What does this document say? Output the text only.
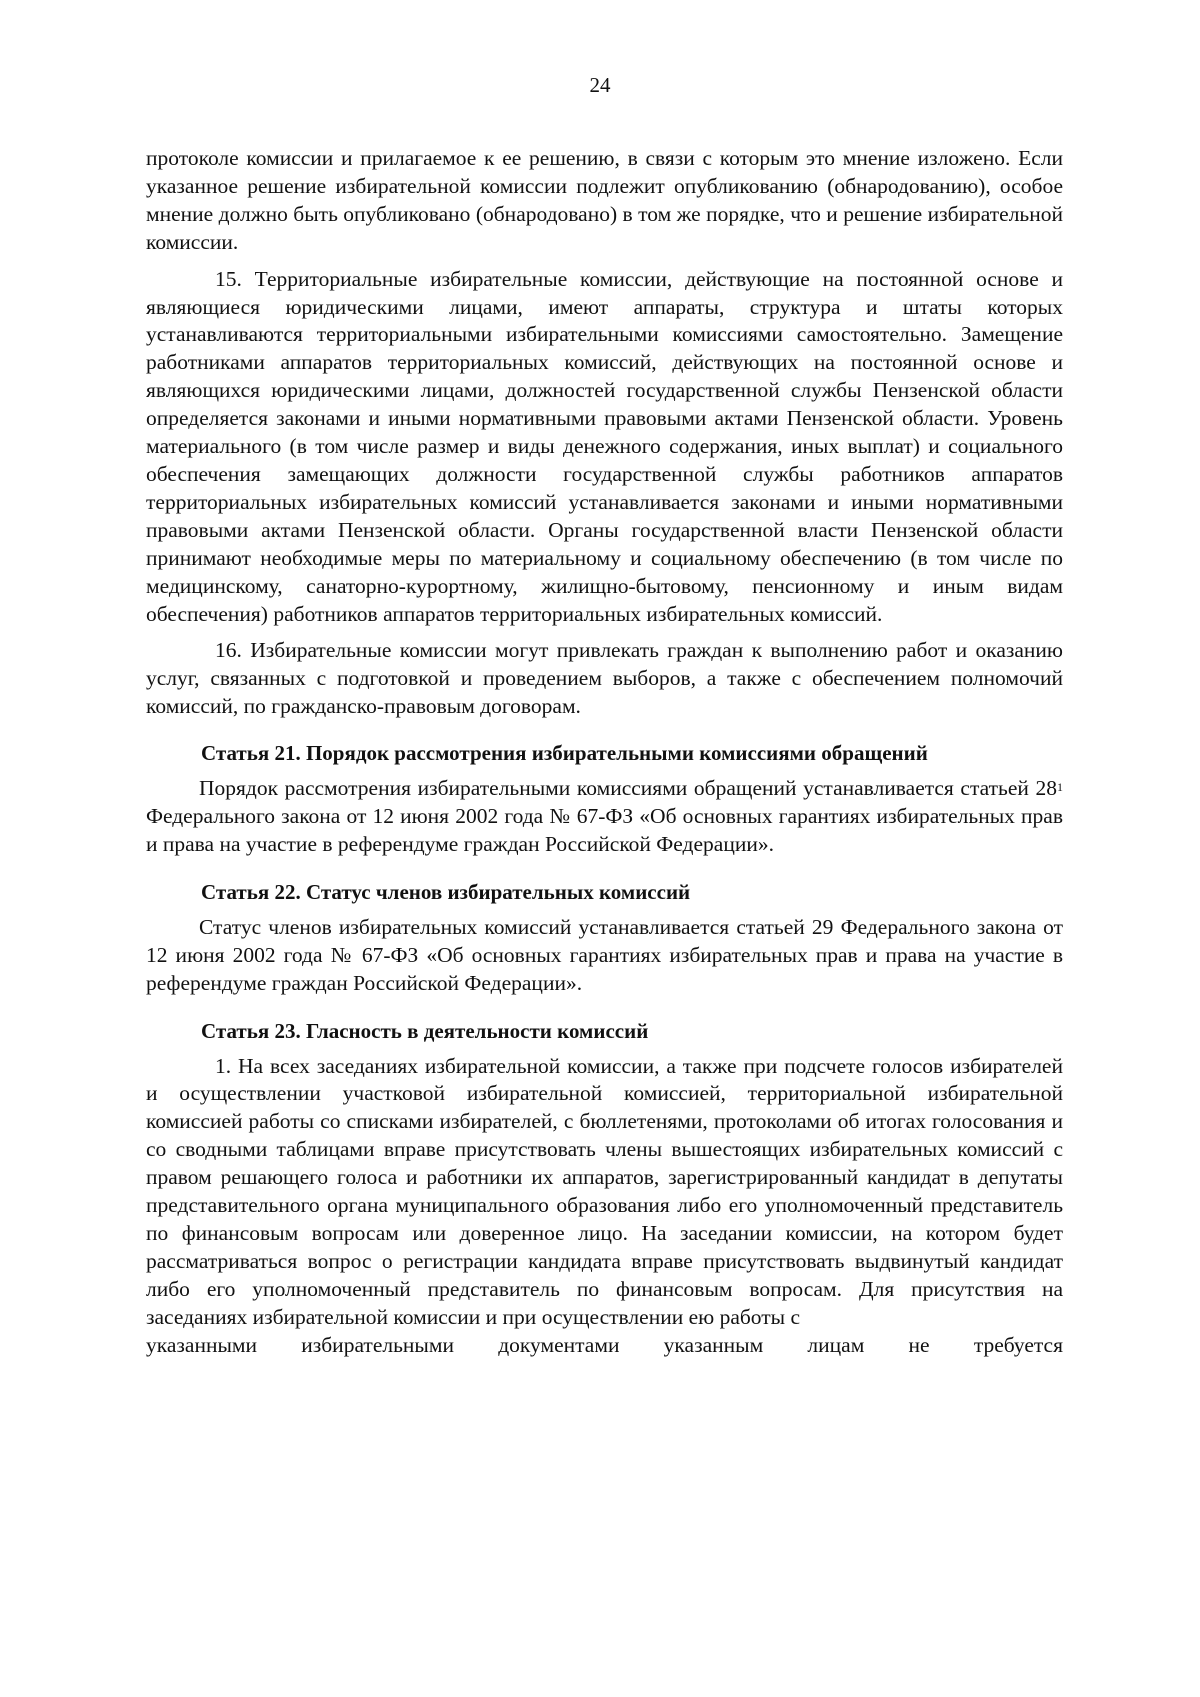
24

протоколе комиссии и прилагаемое к ее решению, в связи с которым это мнение изложено. Если указанное решение избирательной комиссии подлежит опубликованию (обнародованию), особое мнение должно быть опубликовано (обнародовано) в том же порядке, что и решение избирательной комиссии.

15. Территориальные избирательные комиссии, действующие на постоянной основе и являющиеся юридическими лицами, имеют аппараты, структура и штаты которых устанавливаются территориальными избирательными комиссиями самостоятельно. Замещение работниками аппаратов территориальных комиссий, действующих на постоянной основе и являющихся юридическими лицами, должностей государственной службы Пензенской области определяется законами и иными нормативными правовыми актами Пензенской области. Уровень материального (в том числе размер и виды денежного содержания, иных выплат) и социального обеспечения замещающих должности государственной службы работников аппаратов территориальных избирательных комиссий устанавливается законами и иными нормативными правовыми актами Пензенской области. Органы государственной власти Пензенской области принимают необходимые меры по материальному и социальному обеспечению (в том числе по медицинскому, санаторно-курортному, жилищно-бытовому, пенсионному и иным видам обеспечения) работников аппаратов территориальных избирательных комиссий.

16. Избирательные комиссии могут привлекать граждан к выполнению работ и оказанию услуг, связанных с подготовкой и проведением выборов, а также с обеспечением полномочий комиссий, по гражданско-правовым договорам.

Статья 21. Порядок рассмотрения избирательными комиссиями обращений

Порядок рассмотрения избирательными комиссиями обращений устанавливается статьей $28^1$ Федерального закона от 12 июня 2002 года № 67-ФЗ «Об основных гарантиях избирательных прав и права на участие в референдуме граждан Российской Федерации».

Статья 22. Статус членов избирательных комиссий

Статус членов избирательных комиссий устанавливается статьей 29 Федерального закона от 12 июня 2002 года № 67-ФЗ «Об основных гарантиях избирательных прав и права на участие в референдуме граждан Российской Федерации».

Статья 23. Гласность в деятельности комиссий

1. На всех заседаниях избирательной комиссии, а также при подсчете голосов избирателей и осуществлении участковой избирательной комиссией, территориальной избирательной комиссией работы со списками избирателей, с бюллетенями, протоколами об итогах голосования и со сводными таблицами вправе присутствовать члены вышестоящих избирательных комиссий с правом решающего голоса и работники их аппаратов, зарегистрированный кандидат в депутаты представительного органа муниципального образования либо его уполномоченный представитель по финансовым вопросам или доверенное лицо. На заседании комиссии, на котором будет рассматриваться вопрос о регистрации кандидата вправе присутствовать выдвинутый кандидат либо его уполномоченный представитель по финансовым вопросам. Для присутствия на заседаниях избирательной комиссии и при осуществлении ею работы с

указанными избирательными документами указанным лицам не требуется
